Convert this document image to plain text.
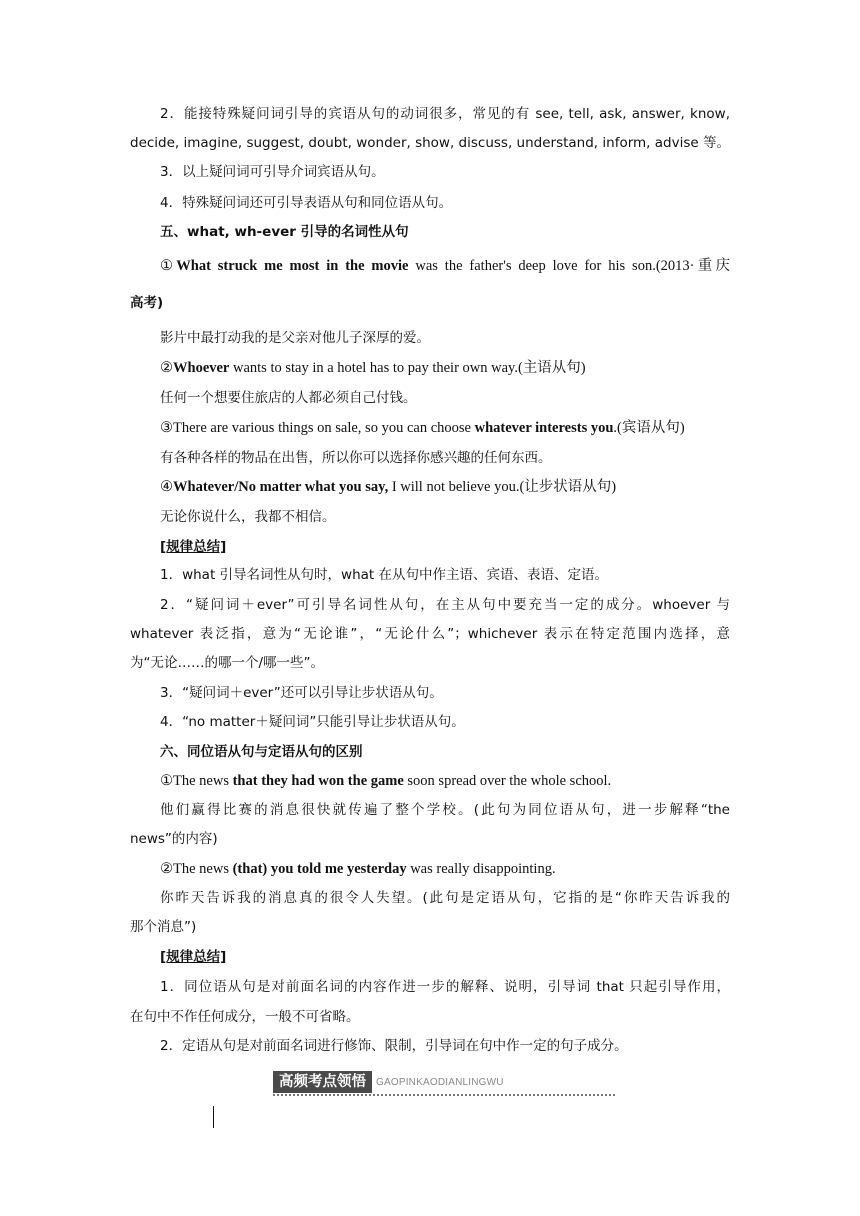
2．能接特殊疑问词引导的宾语从句的动词很多，常见的有 see, tell, ask, answer, know,
decide, imagine, suggest, doubt, wonder, show, discuss, understand, inform, advise 等。
3．以上疑问词可引导介词宾语从句。
4．特殊疑问词还可引导表语从句和同位语从句。
五、what, wh-ever 引导的名词性从句
①What struck me most in the movie was the father's deep love for his son.(2013·重庆
高考)
影片中最打动我的是父亲对他儿子深厚的爱。
②Whoever wants to stay in a hotel has to pay their own way.(主语从句)
任何一个想要住旅店的人都必须自己付钱。
③There are various things on sale, so you can choose whatever interests you.(宾语从句)
有各种各样的物品在出售，所以你可以选择你感兴趣的任何东西。
④Whatever/No matter what you say, I will not believe you.(让步状语从句)
无论你说什么，我都不相信。
[规律总结]
1．what 引导名词性从句时，what 在从句中作主语、宾语、表语、定语。
2．“疑问词＋ever”可引导名词性从句，在主从句中要充当一定的成分。whoever 与
whatever 表泛指，意为“无论谁”，“无论什么”；whichever 表示在特定范围内选择，意
为“无论……的哪一个/哪一些”。
3．“疑问词＋ever”还可以引导让步状语从句。
4．“no matter＋疑问词”只能引导让步状语从句。
六、同位语从句与定语从句的区别
①The news that they had won the game soon spread over the whole school.
他们赢得比赛的消息很快就传遍了整个学校。(此句为同位语从句，进一步解释“the
news”的内容)
②The news (that) you told me yesterday was really disappointing.
你昨天告诉我的消息真的很令人失望。(此句是定语从句，它指的是“你昨天告诉我的
那个消息”)
[规律总结]
1．同位语从句是对前面名词的内容作进一步的解释、说明，引导词 that 只起引导作用，
在句中不作任何成分，一般不可省略。
2．定语从句是对前面名词进行修饰、限制，引导词在句中作一定的句子成分。
高频考点领悟	GAOPINKAODIANLINGWU
